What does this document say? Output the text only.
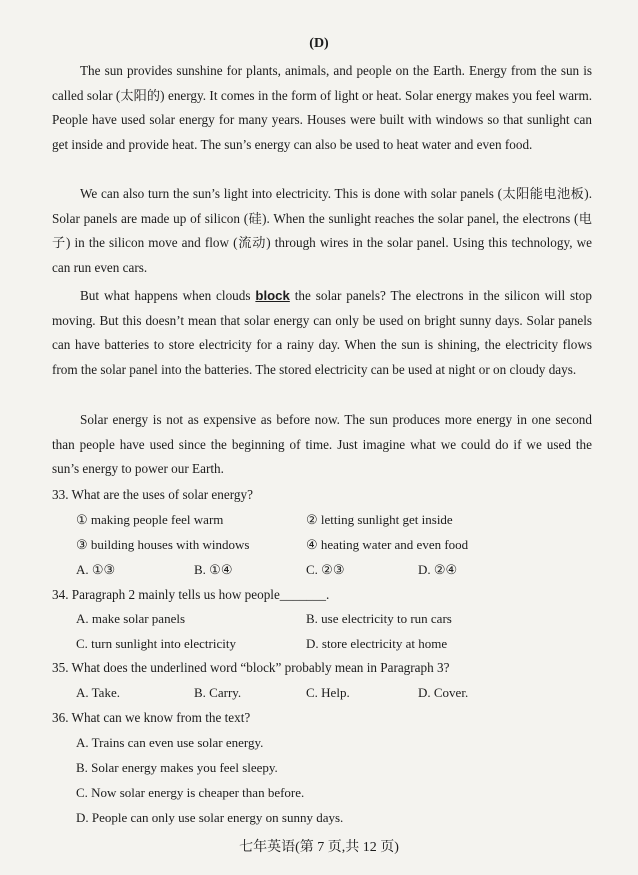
(D)

The sun provides sunshine for plants, animals, and people on the Earth. Energy from the sun is called solar (太阳的) energy. It comes in the form of light or heat. Solar energy makes you feel warm. People have used solar energy for many years. Houses were built with windows so that sunlight can get inside and provide heat. The sun’s energy can also be used to heat water and even food.

We can also turn the sun’s light into electricity. This is done with solar panels (太阳能电池板). Solar panels are made up of silicon (硅). When the sunlight reaches the solar panel, the electrons (电子) in the silicon move and flow (流动) through wires in the solar panel. Using this technology, we can run even cars.

But what happens when clouds block the solar panels? The electrons in the silicon will stop moving. But this doesn’t mean that solar energy can only be used on bright sunny days. Solar panels can have batteries to store electricity for a rainy day. When the sun is shining, the electricity flows from the solar panel into the batteries. The stored electricity can be used at night or on cloudy days.

Solar energy is not as expensive as before now. The sun produces more energy in one second than people have used since the beginning of time. Just imagine what we could do if we used the sun’s energy to power our Earth.

33. What are the uses of solar energy?
① making people feel warm	② letting sunlight get inside
③ building houses with windows	④ heating water and even food
A. ①③	B. ①④	C. ②③	D. ②④
34. Paragraph 2 mainly tells us how people_______.
A. make solar panels	B. use electricity to run cars
C. turn sunlight into electricity	D. store electricity at home
35. What does the underlined word “block” probably mean in Paragraph 3?
A. Take.	B. Carry.	C. Help.	D. Cover.
36. What can we know from the text?
A. Trains can even use solar energy.
B. Solar energy makes you feel sleepy.
C. Now solar energy is cheaper than before.
D. People can only use solar energy on sunny days.
七年英语(第 7 页,共 12 页)
